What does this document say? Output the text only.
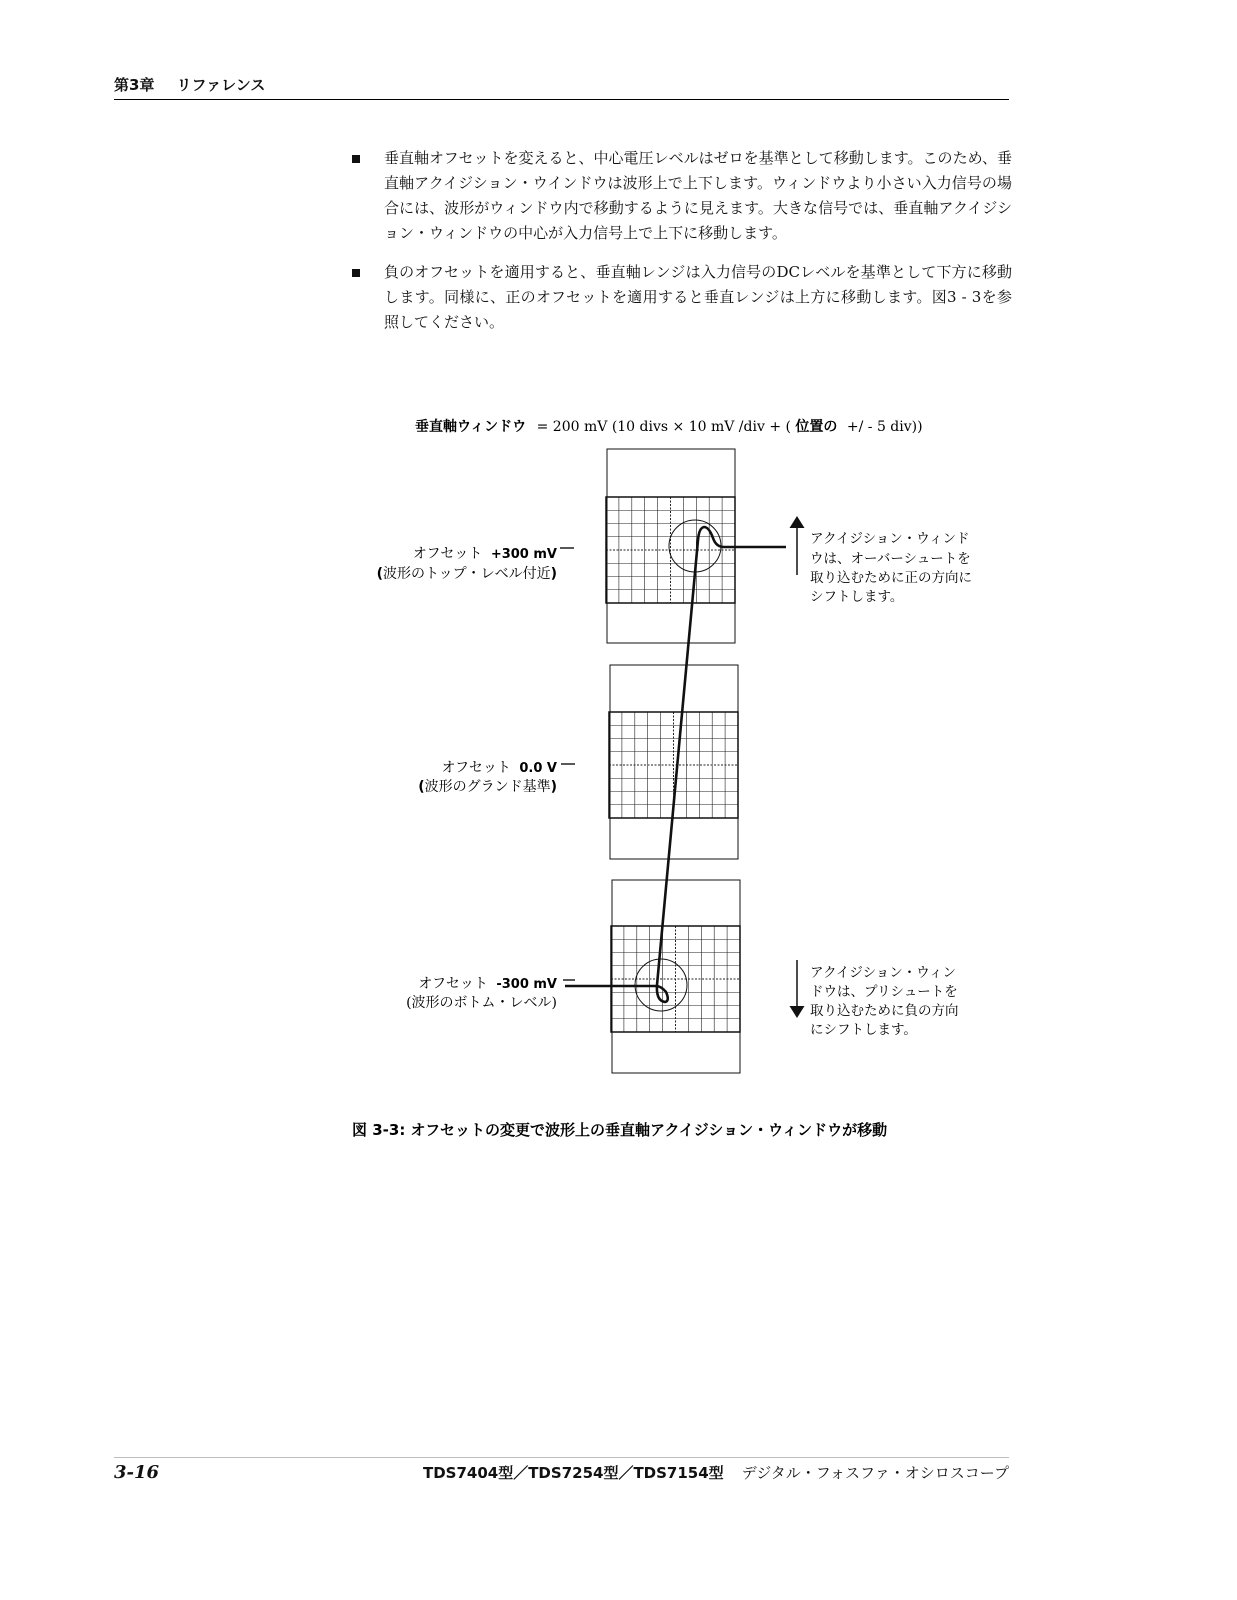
第3章 リファレンス
垂直軸オフセットを変えると、中心電圧レベルはゼロを基準として移動します。このため、垂直軸アクイジション・ウインドウは波形上で上下します。ウィンドウより小さい入力信号の場合には、波形がウィンドウ内で移動するように見えます。大きな信号では、垂直軸アクイジション・ウィンドウの中心が入力信号上で上下に移動します。
負のオフセットを適用すると、垂直軸レンジは入力信号のDCレベルを基準として下方に移動します。同様に、正のオフセットを適用すると垂直レンジは上方に移動します。図3 - 3を参照してください。
垂直軸ウィンドウ = 200 mV (10 divs × 10 mV /div + ( 位置の +/ - 5 div))
オフセット +300 mV
(波形のトップ・レベル付近)
オフセット 0.0 V
(波形のグランド基準)
オフセット -300 mV
(波形のボトム・レベル)
アクイジション・ウィンド
ウは、オーバーシュートを
取り込むために正の方向に
シフトします。
アクイジション・ウィン
ドウは、プリシュートを
取り込むために負の方向
にシフトします。
図 3-3: オフセットの変更で波形上の垂直軸アクイジション・ウィンドウが移動
3-16	TDS7404型／TDS7254型／TDS7154型 デジタル・フォスファ・オシロスコープ
